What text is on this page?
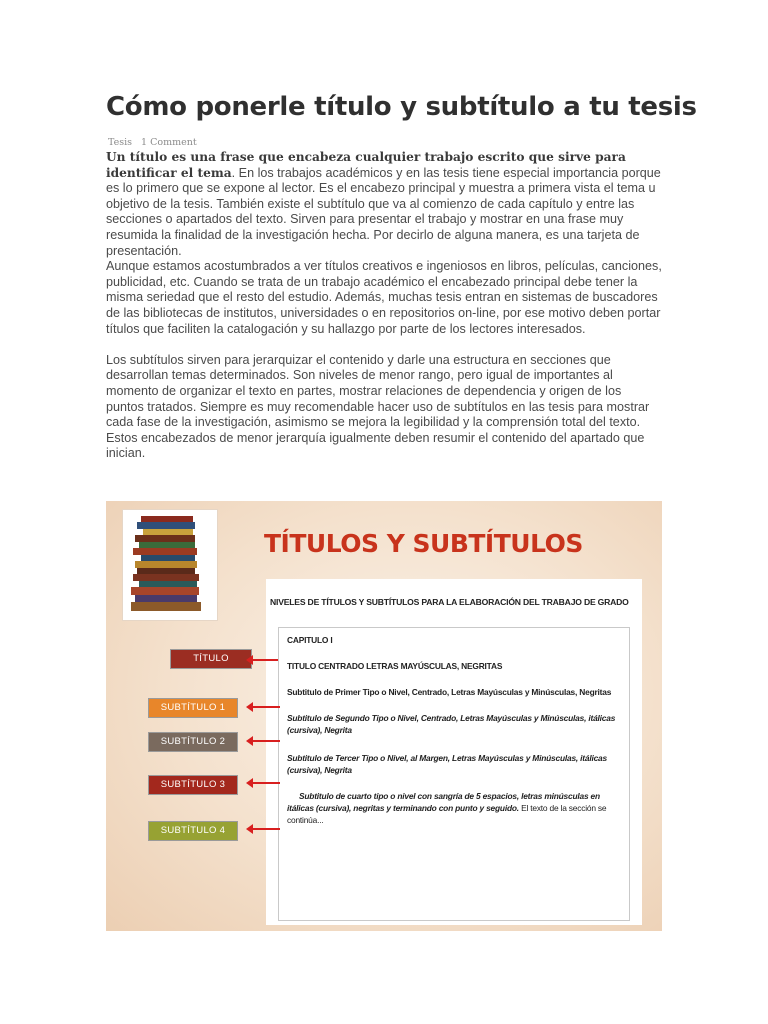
Cómo ponerle título y subtítulo a tu tesis
Tesis 1 Comment

Un título es una frase que encabeza cualquier trabajo escrito que sirve para identificar el tema. En los trabajos académicos y en las tesis tiene especial importancia porque es lo primero que se expone al lector. Es el encabezo principal y muestra a primera vista el tema u objetivo de la tesis. También existe el subtítulo que va al comienzo de cada capítulo y entre las secciones o apartados del texto. Sirven para presentar el trabajo y mostrar en una frase muy resumida la finalidad de la investigación hecha. Por decirlo de alguna manera, es una tarjeta de presentación.

Aunque estamos acostumbrados a ver títulos creativos e ingeniosos en libros, películas, canciones, publicidad, etc. Cuando se trata de un trabajo académico el encabezado principal debe tener la misma seriedad que el resto del estudio. Además, muchas tesis entran en sistemas de buscadores de las bibliotecas de institutos, universidades o en repositorios on-line, por ese motivo deben portar títulos que faciliten la catalogación y su hallazgo por parte de los lectores interesados.

Los subtítulos sirven para jerarquizar el contenido y darle una estructura en secciones que desarrollan temas determinados. Son niveles de menor rango, pero igual de importantes al momento de organizar el texto en partes, mostrar relaciones de dependencia y origen de los puntos tratados. Siempre es muy recomendable hacer uso de subtítulos en las tesis para mostrar cada fase de la investigación, asimismo se mejora la legibilidad y la comprensión total del texto. Estos encabezados de menor jerarquía igualmente deben resumir el contenido del apartado que inician.

TÍTULOS Y SUBTÍTULOS
NIVELES DE TÍTULOS Y SUBTÍTULOS PARA LA ELABORACIÓN DEL TRABAJO DE GRADO
CAPITULO I
TITULO CENTRADO LETRAS MAYÚSCULAS, NEGRITAS
Subtitulo de Primer Tipo o Nivel, Centrado, Letras Mayúsculas y Minúsculas, Negritas
Subtitulo de Segundo Tipo o Nivel, Centrado, Letras Mayúsculas y Minúsculas, itálicas
(cursiva), Negrita
Subtitulo de Tercer Tipo o Nivel, al Margen, Letras Mayúsculas y Minúsculas, itálicas
(cursiva), Negrita
Subtitulo de cuarto tipo o nivel con sangría de 5 espacios, letras minúsculas en
itálicas (cursiva), negritas y terminando con punto y seguido. El texto de la sección se
continúa...
TÍTULO
SUBTÍTULO 1
SUBTÍTULO 2
SUBTÍTULO 3
SUBTÍTULO 4
